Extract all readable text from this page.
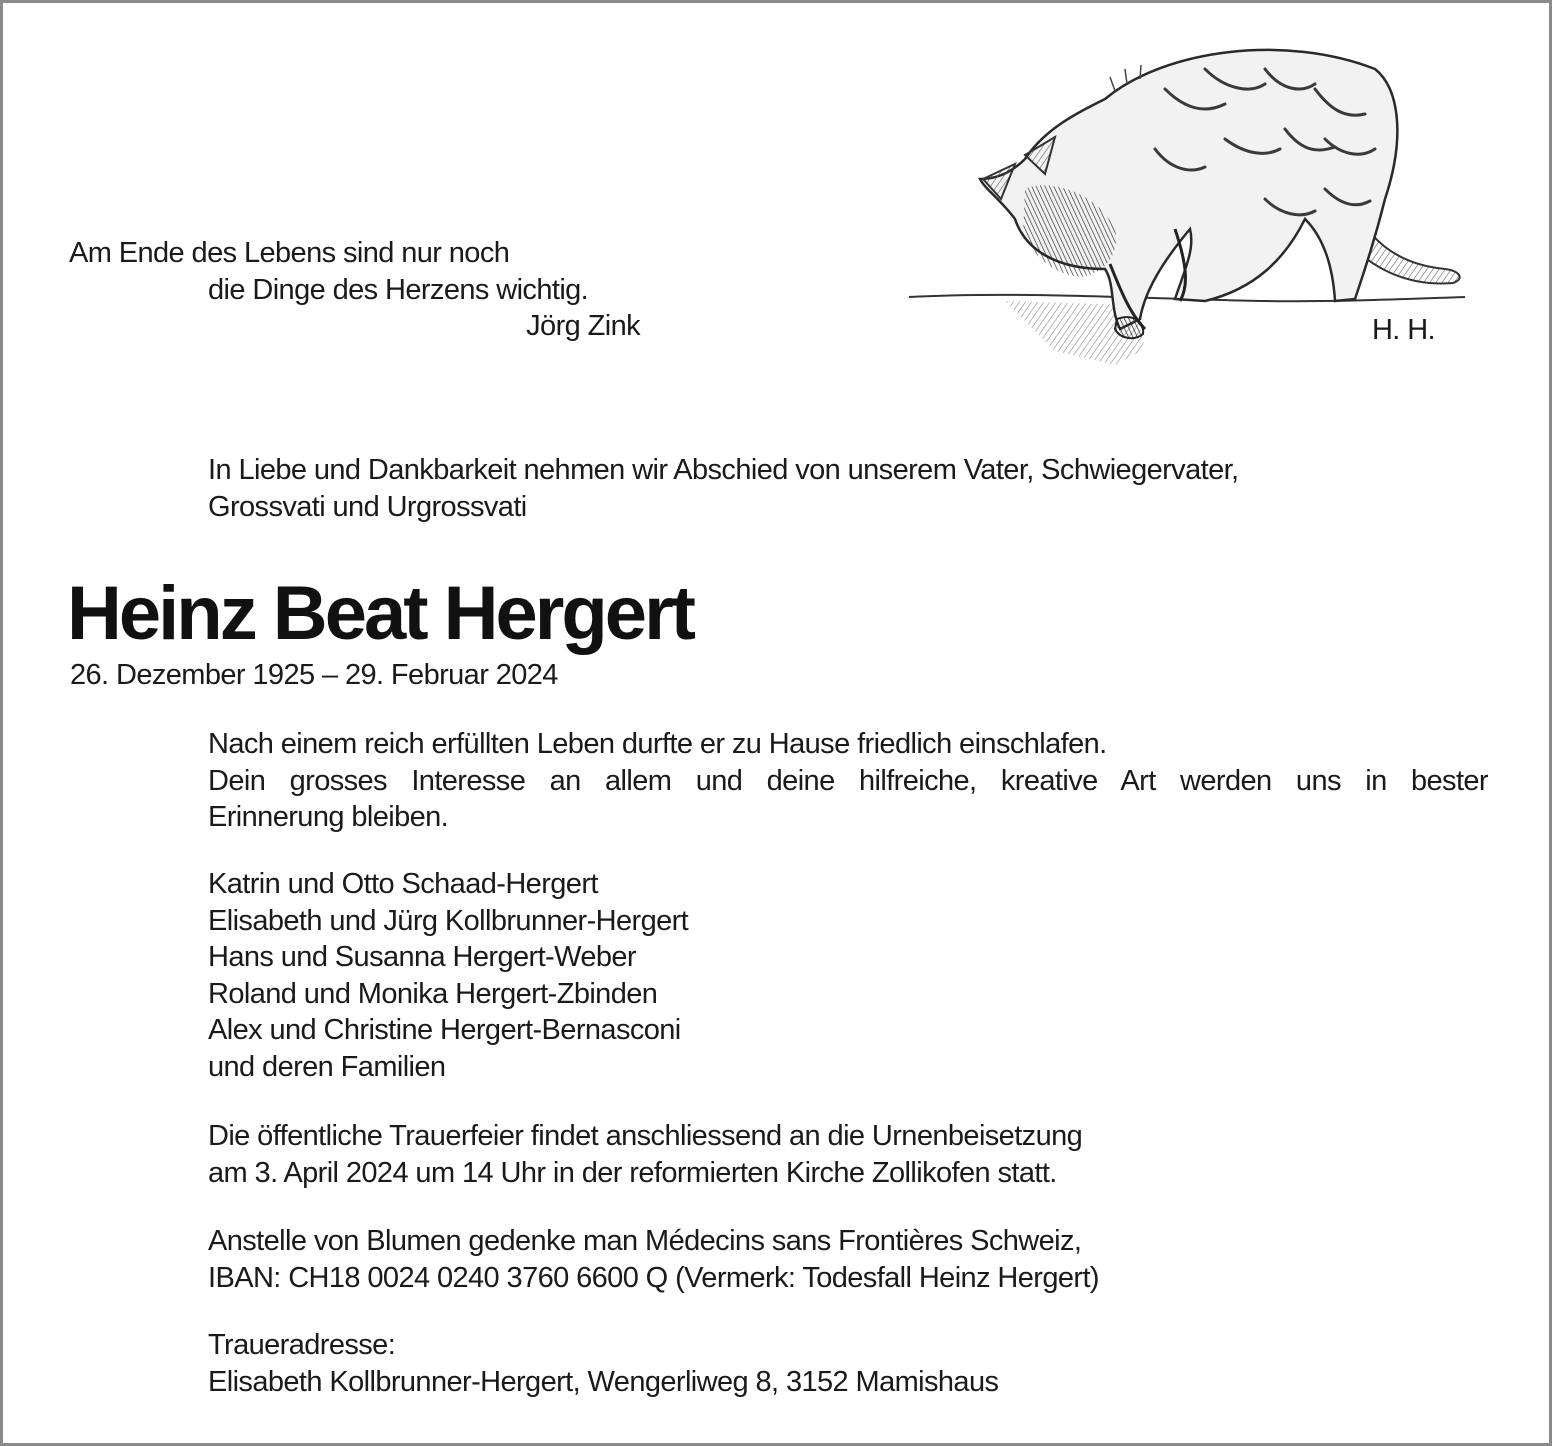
Am Ende des Lebens sind nur noch

die Dinge des Herzens wichtig.

Jörg Zink	H. H.

In Liebe und Dankbarkeit nehmen wir Abschied von unserem Vater, Schwiegervater,
Grossvati und Urgrossvati
Heinz Beat Hergert

26. Dezember 1925 – 29. Februar 2024

Nach einem reich erfüllten Leben durfte er zu Hause friedlich einschlafen.
Dein grosses Interesse an allem und deine hilfreiche, kreative Art werden uns in bester
Erinnerung bleiben.
Katrin und Otto Schaad-Hergert
Elisabeth und Jürg Kollbrunner-Hergert
Hans und Susanna Hergert-Weber
Roland und Monika Hergert-Zbinden
Alex und Christine Hergert-Bernasconi
und deren Familien
Die öffentliche Trauerfeier findet anschliessend an die Urnenbeisetzung
am 3. April 2024 um 14 Uhr in der reformierten Kirche Zollikofen statt.
Anstelle von Blumen gedenke man Médecins sans Frontières Schweiz,
IBAN: CH18 0024 0240 3760 6600 Q (Vermerk: Todesfall Heinz Hergert)
Traueradresse:
Elisabeth Kollbrunner-Hergert, Wengerliweg 8, 3152 Mamishaus
